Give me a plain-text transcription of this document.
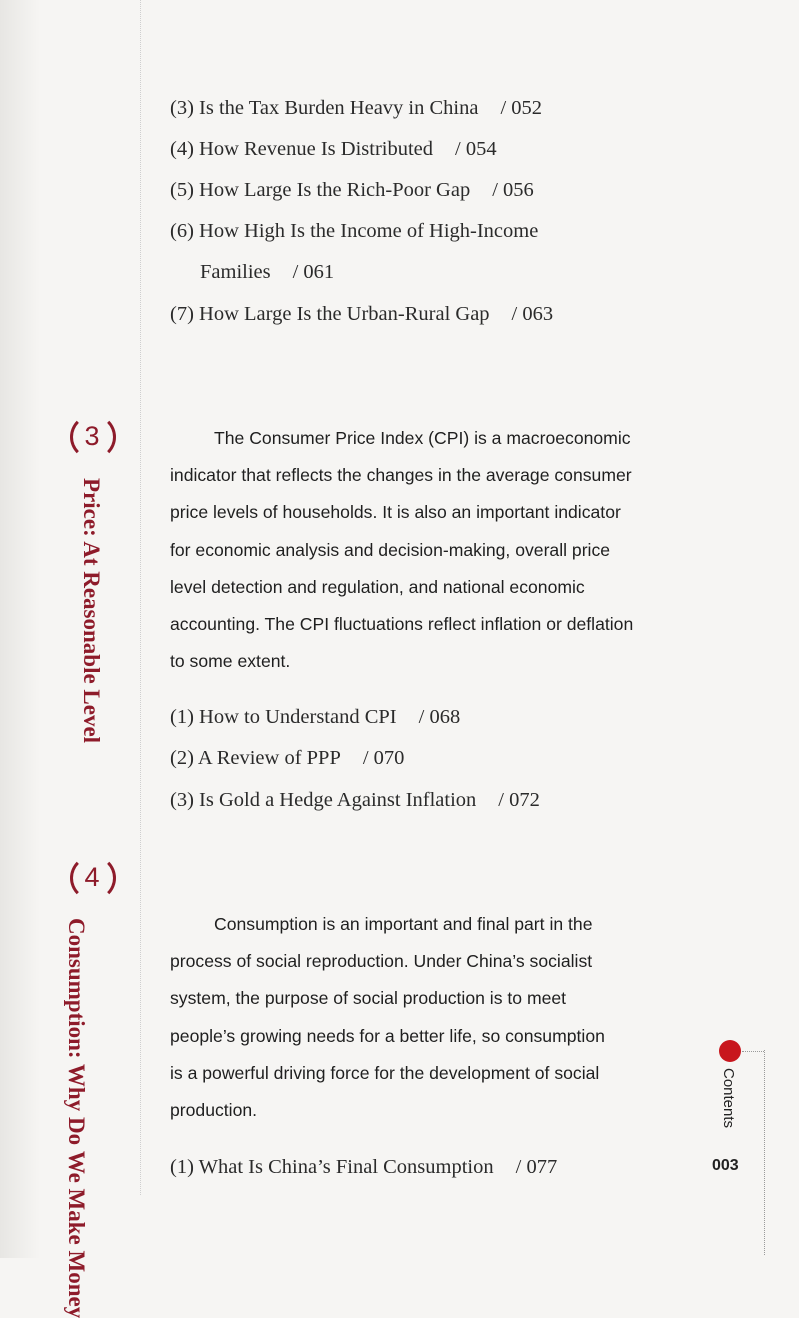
(3) Is the Tax Burden Heavy in China / 052
(4) How Revenue Is Distributed / 054
(5) How Large Is the Rich-Poor Gap / 056
(6) How High Is the Income of High-Income
Families / 061
(7) How Large Is the Urban-Rural Gap / 063
3
Price: At Reasonable Level
The Consumer Price Index (CPI) is a macroeconomic
indicator that reflects the changes in the average consumer
price levels of households. It is also an important indicator
for economic analysis and decision-making, overall price
level detection and regulation, and national economic
accounting. The CPI fluctuations reflect inflation or deflation
to some extent.
(1) How to Understand CPI / 068
(2) A Review of PPP / 070
(3) Is Gold a Hedge Against Inflation / 072
4
Consumption: Why Do We Make Money
Consumption is an important and final part in the
process of social reproduction. Under China’s socialist
system, the purpose of social production is to meet
people’s growing needs for a better life, so consumption
is a powerful driving force for the development of social
production.
(1) What Is China’s Final Consumption / 077
Contents
003
